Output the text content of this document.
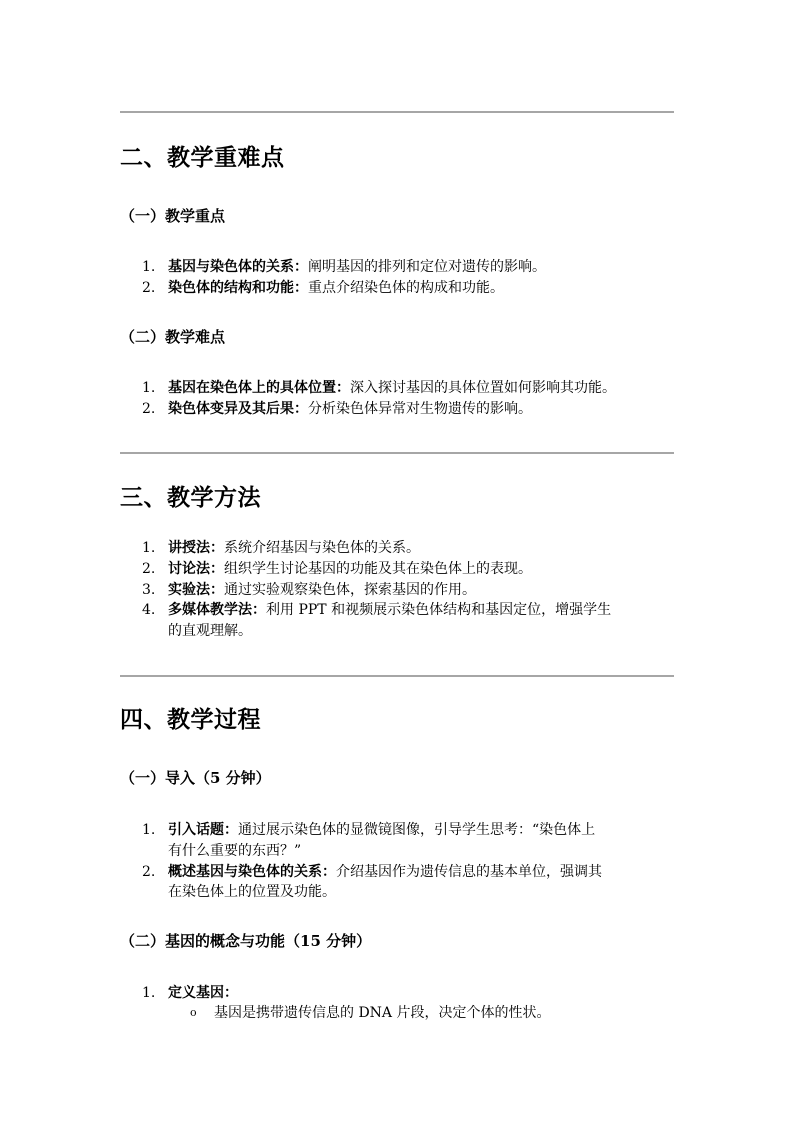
二、教学重难点
（一）教学重点
1. 基因与染色体的关系：阐明基因的排列和定位对遗传的影响。
2. 染色体的结构和功能：重点介绍染色体的构成和功能。
（二）教学难点
1. 基因在染色体上的具体位置：深入探讨基因的具体位置如何影响其功能。
2. 染色体变异及其后果：分析染色体异常对生物遗传的影响。
三、教学方法
1. 讲授法：系统介绍基因与染色体的关系。
2. 讨论法：组织学生讨论基因的功能及其在染色体上的表现。
3. 实验法：通过实验观察染色体，探索基因的作用。
4. 多媒体教学法：利用 PPT 和视频展示染色体结构和基因定位，增强学生
的直观理解。
四、教学过程
（一）导入（5 分钟）
1. 引入话题：通过展示染色体的显微镜图像，引导学生思考：“染色体上
有什么重要的东西？”
2. 概述基因与染色体的关系：介绍基因作为遗传信息的基本单位，强调其
在染色体上的位置及功能。
（二）基因的概念与功能（15 分钟）
1. 定义基因：
o 基因是携带遗传信息的 DNA 片段，决定个体的性状。
